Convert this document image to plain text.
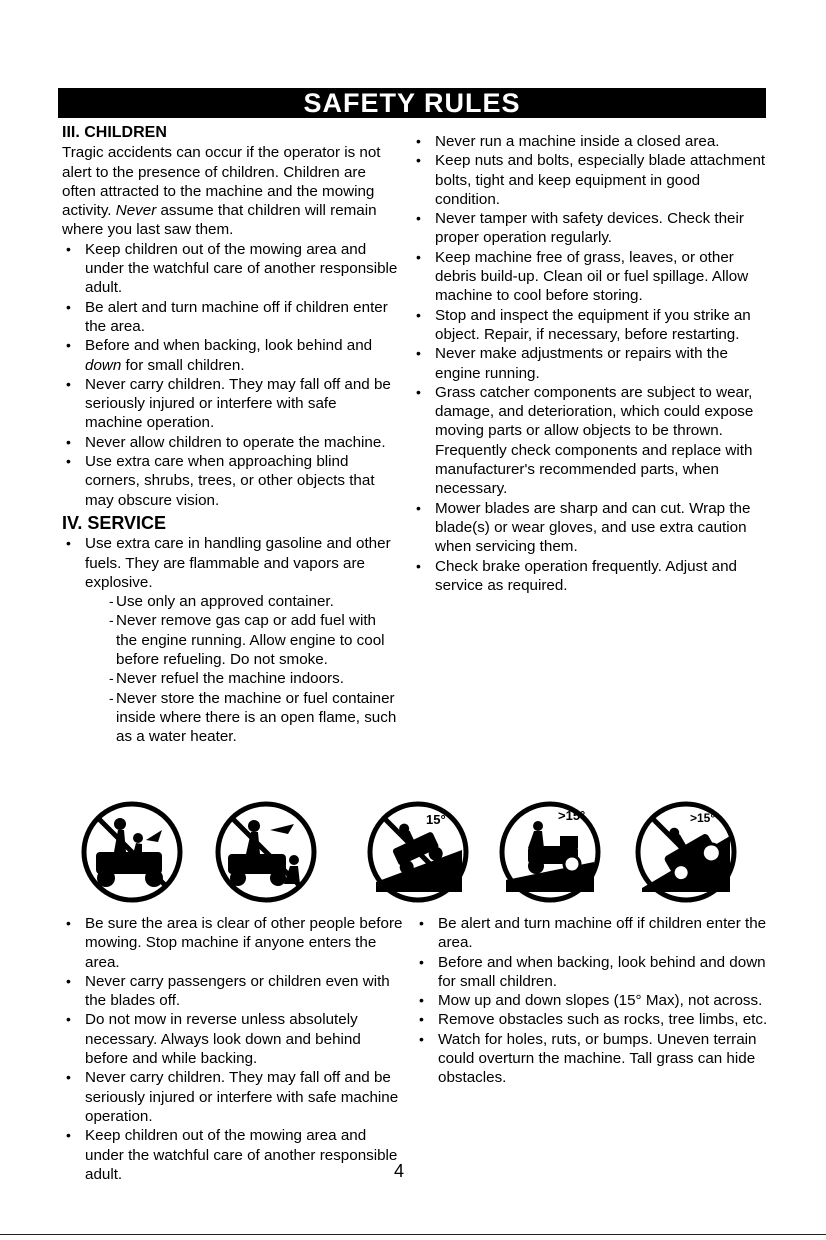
SAFETY RULES
III. CHILDREN

Tragic accidents can occur if the operator is not alert to the presence of children. Children are often attracted to the machine and the mowing activity. Never assume that children will remain where you last saw them.

• Keep children out of the mowing area and under the watchful care of another responsible adult.
• Be alert and turn machine off if children enter the area.
• Before and when backing, look behind and down for small children.
• Never carry children. They may fall off and be seriously injured or interfere with safe machine operation.
• Never allow children to operate the machine.
• Use extra care when approaching blind corners, shrubs, trees, or other objects that may obscure vision.
IV. SERVICE
• Use extra care in handling gasoline and other fuels. They are flammable and vapors are explosive.
- Use only an approved container.
- Never remove gas cap or add fuel with the engine running. Allow engine to cool before refueling. Do not smoke.
- Never refuel the machine indoors.
- Never store the machine or fuel container inside where there is an open flame, such as a water heater.
• Never run a machine inside a closed area.
• Keep nuts and bolts, especially blade attachment bolts, tight and keep equipment in good condition.
• Never tamper with safety devices. Check their proper operation regularly.
• Keep machine free of grass, leaves, or other debris build-up. Clean oil or fuel spillage. Allow machine to cool before storing.
• Stop and inspect the equipment if you strike an object. Repair, if necessary, before restarting.
• Never make adjustments or repairs with the engine running.
• Grass catcher components are subject to wear, damage, and deterioration, which could expose moving parts or allow objects to be thrown. Frequently check components and replace with manufacturer's recommended parts, when necessary.
• Mower blades are sharp and can cut. Wrap the blade(s) or wear gloves, and use extra caution when servicing them.
• Check brake operation frequently. Adjust and service as required.
15°	>15°	>15°
• Be sure the area is clear of other people before mowing. Stop machine if anyone enters the area.
• Never carry passengers or children even with the blades off.
• Do not mow in reverse unless absolutely necessary. Always look down and behind before and while backing.
• Never carry children. They may fall off and be seriously injured or interfere with safe machine operation.
• Keep children out of the mowing area and under the watchful care of another responsible adult.
• Be alert and turn machine off if children enter the area.
• Before and when backing, look behind and down for small children.
• Mow up and down slopes (15° Max), not across.
• Remove obstacles such as rocks, tree limbs, etc.
• Watch for holes, ruts, or bumps. Uneven terrain could overturn the machine. Tall grass can hide obstacles.
4
